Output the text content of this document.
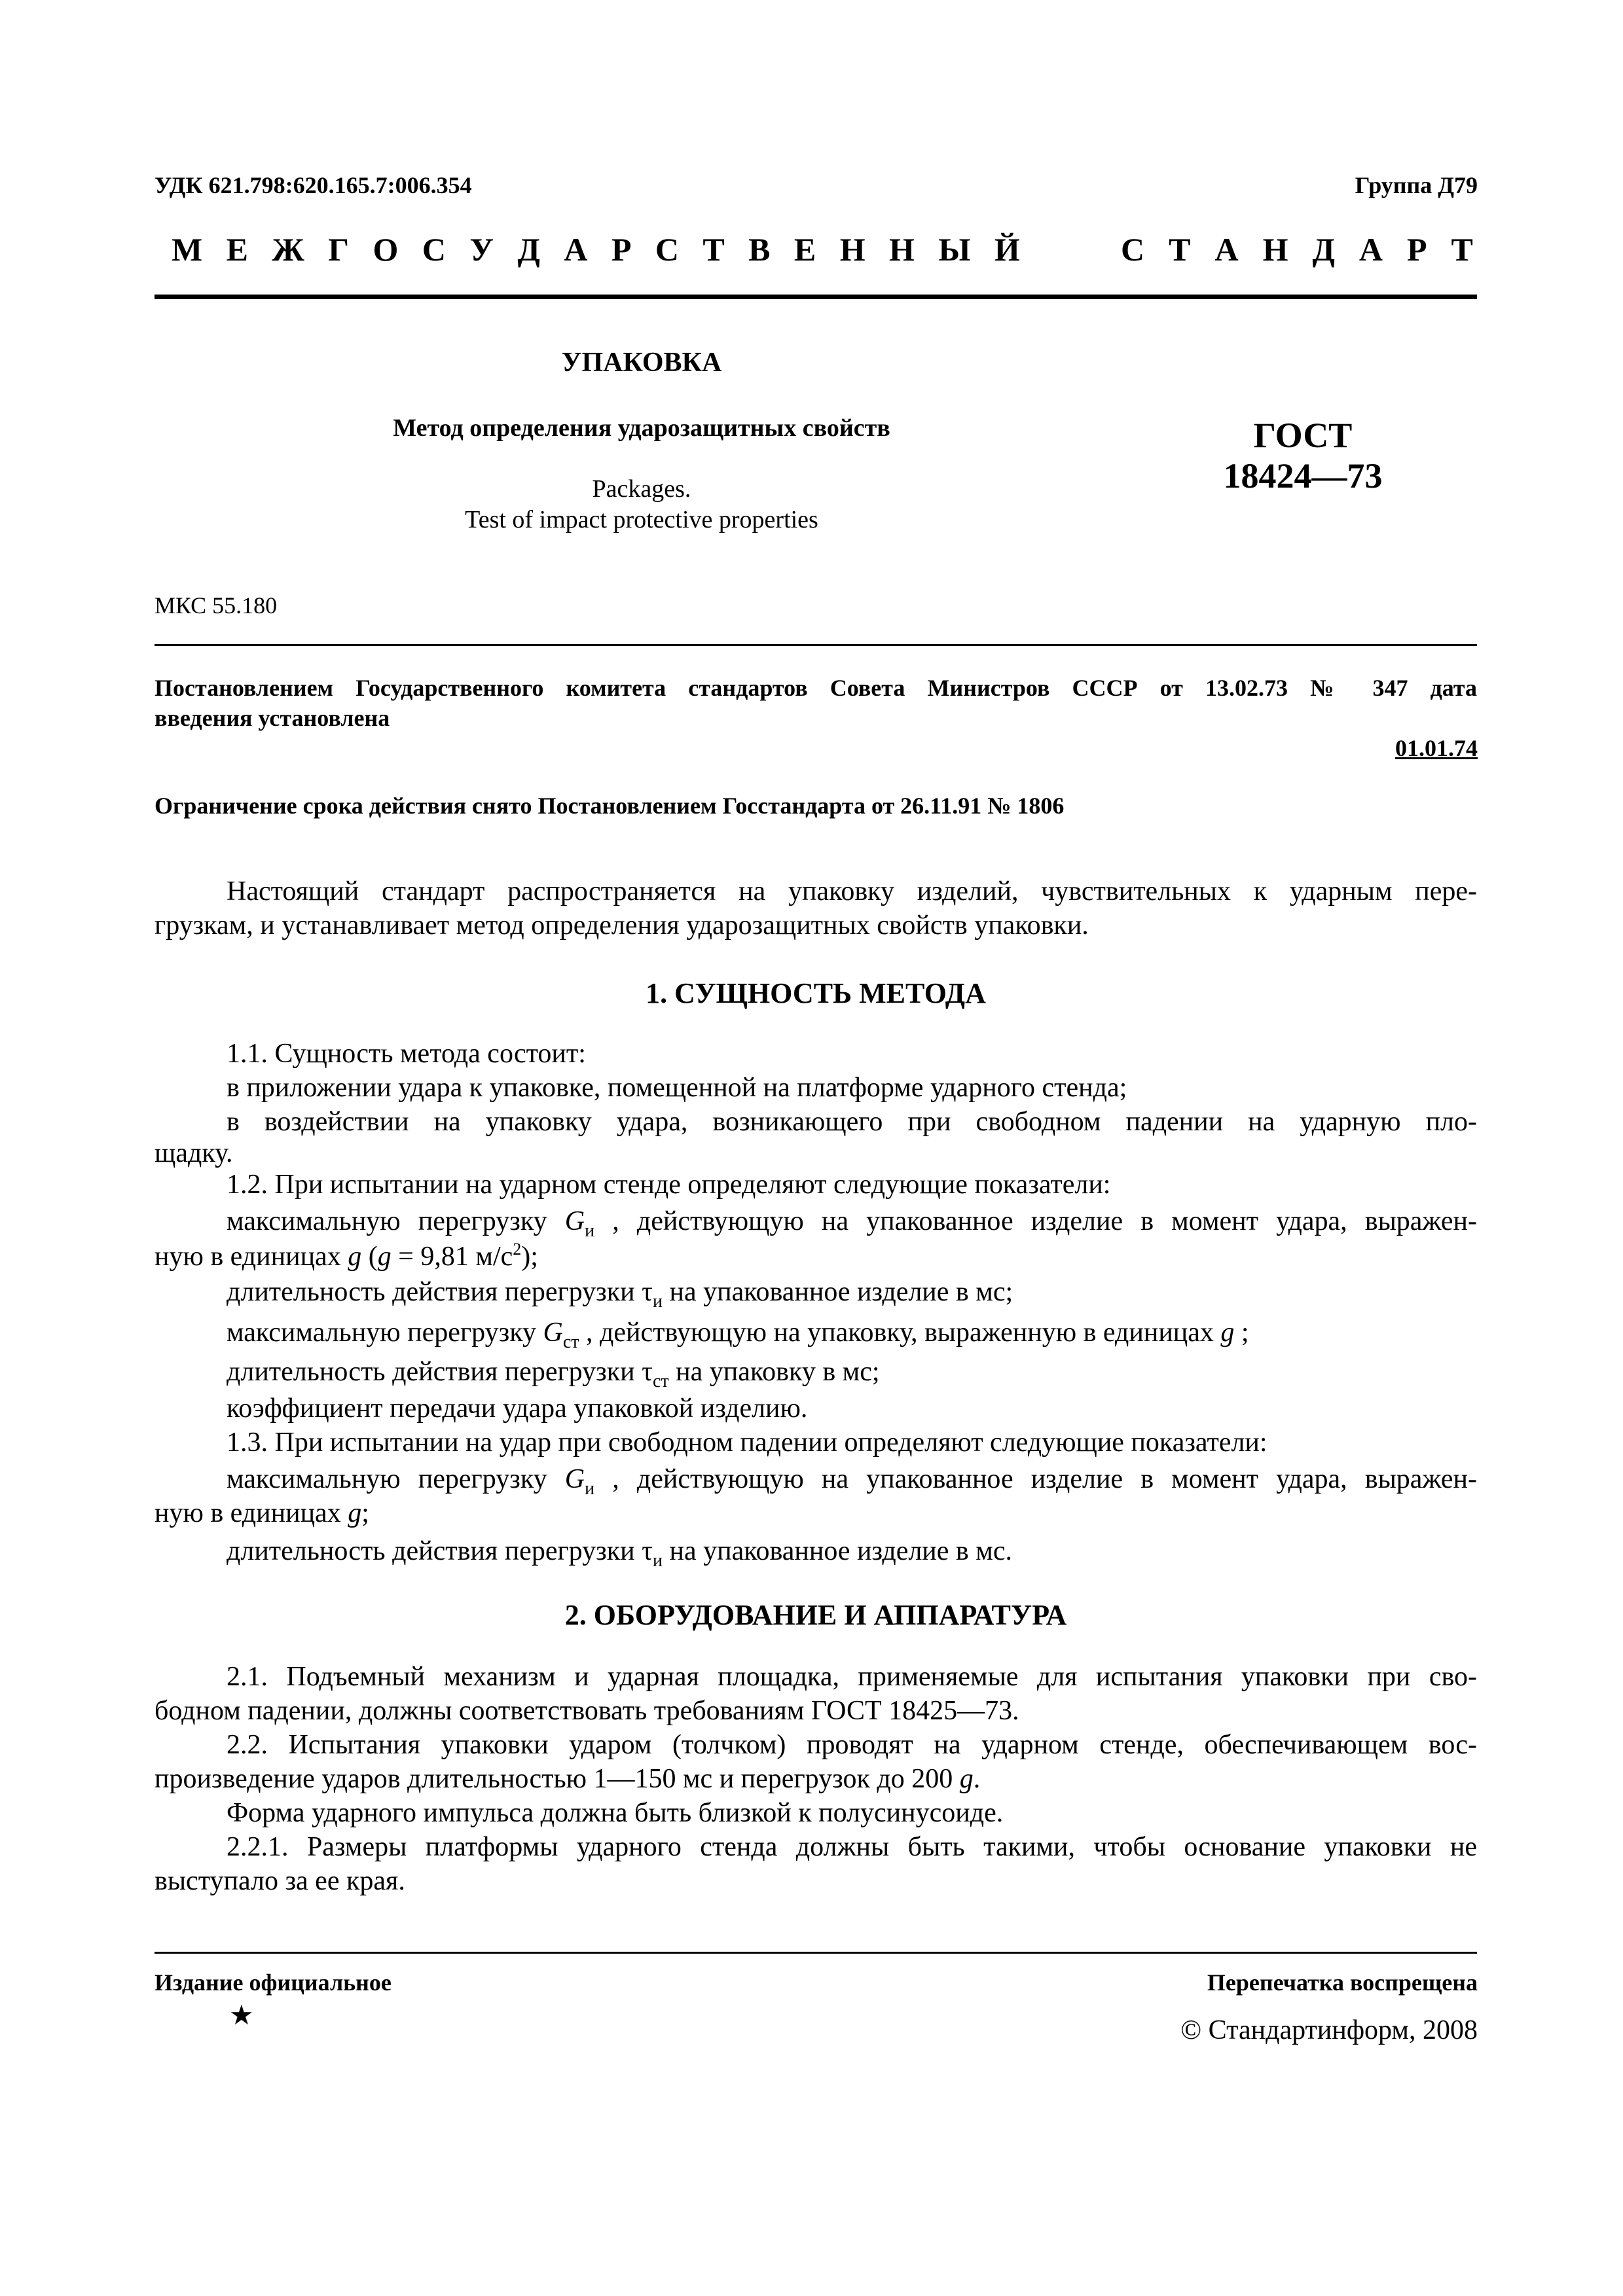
УДК 621.798:620.165.7:006.354	Группа Д79
М Е Ж Г О С У Д А Р С Т В Е Н Н Ы Й	С Т А Н Д А Р Т
УПАКОВКА
Метод определения ударозащитных свойств
Packages.
Test of impact protective properties
ГОСТ
18424—73
МКС 55.180
Постановлением Государственного комитета стандартов Совета Министров СССР от 13.02.73 № 347 дата
введения установлена
01.01.74
Ограничение срока действия снято Постановлением Госстандарта от 26.11.91 № 1806
Настоящий стандарт распространяется на упаковку изделий, чувствительных к ударным пере-
грузкам, и устанавливает метод определения ударозащитных свойств упаковки.
1. СУЩНОСТЬ МЕТОДА
1.1. Сущность метода состоит:
в приложении удара к упаковке, помещенной на платформе ударного стенда;
в воздействии на упаковку удара, возникающего при свободном падении на ударную пло-
щадку.
1.2. При испытании на ударном стенде определяют следующие показатели:
максимальную перегрузку $G_и$ , действующую на упакованное изделие в момент удара, выражен-
ную в единицах g (g = 9,81 $м/с^2$);
длительность действия перегрузки $\tau_и$ на упакованное изделие в мс;
максимальную перегрузку $G_{ст}$ , действующую на упаковку, выраженную в единицах g ;
длительность действия перегрузки $\tau_{ст}$ на упаковку в мс;
коэффициент передачи удара упаковкой изделию.
1.3. При испытании на удар при свободном падении определяют следующие показатели:
максимальную перегрузку $G_и$ , действующую на упакованное изделие в момент удара, выражен-
ную в единицах g;
длительность действия перегрузки $\tau_и$ на упакованное изделие в мс.
2. ОБОРУДОВАНИЕ И АППАРАТУРА
2.1. Подъемный механизм и ударная площадка, применяемые для испытания упаковки при сво-
бодном падении, должны соответствовать требованиям ГОСТ 18425—73.
2.2. Испытания упаковки ударом (толчком) проводят на ударном стенде, обеспечивающем вос-
произведение ударов длительностью 1—150 мс и перегрузок до 200 g.
Форма ударного импульса должна быть близкой к полусинусоиде.
2.2.1. Размеры платформы ударного стенда должны быть такими, чтобы основание упаковки не
выступало за ее края.
Издание официальное
★
Перепечатка воспрещена
© Стандартинформ, 2008
